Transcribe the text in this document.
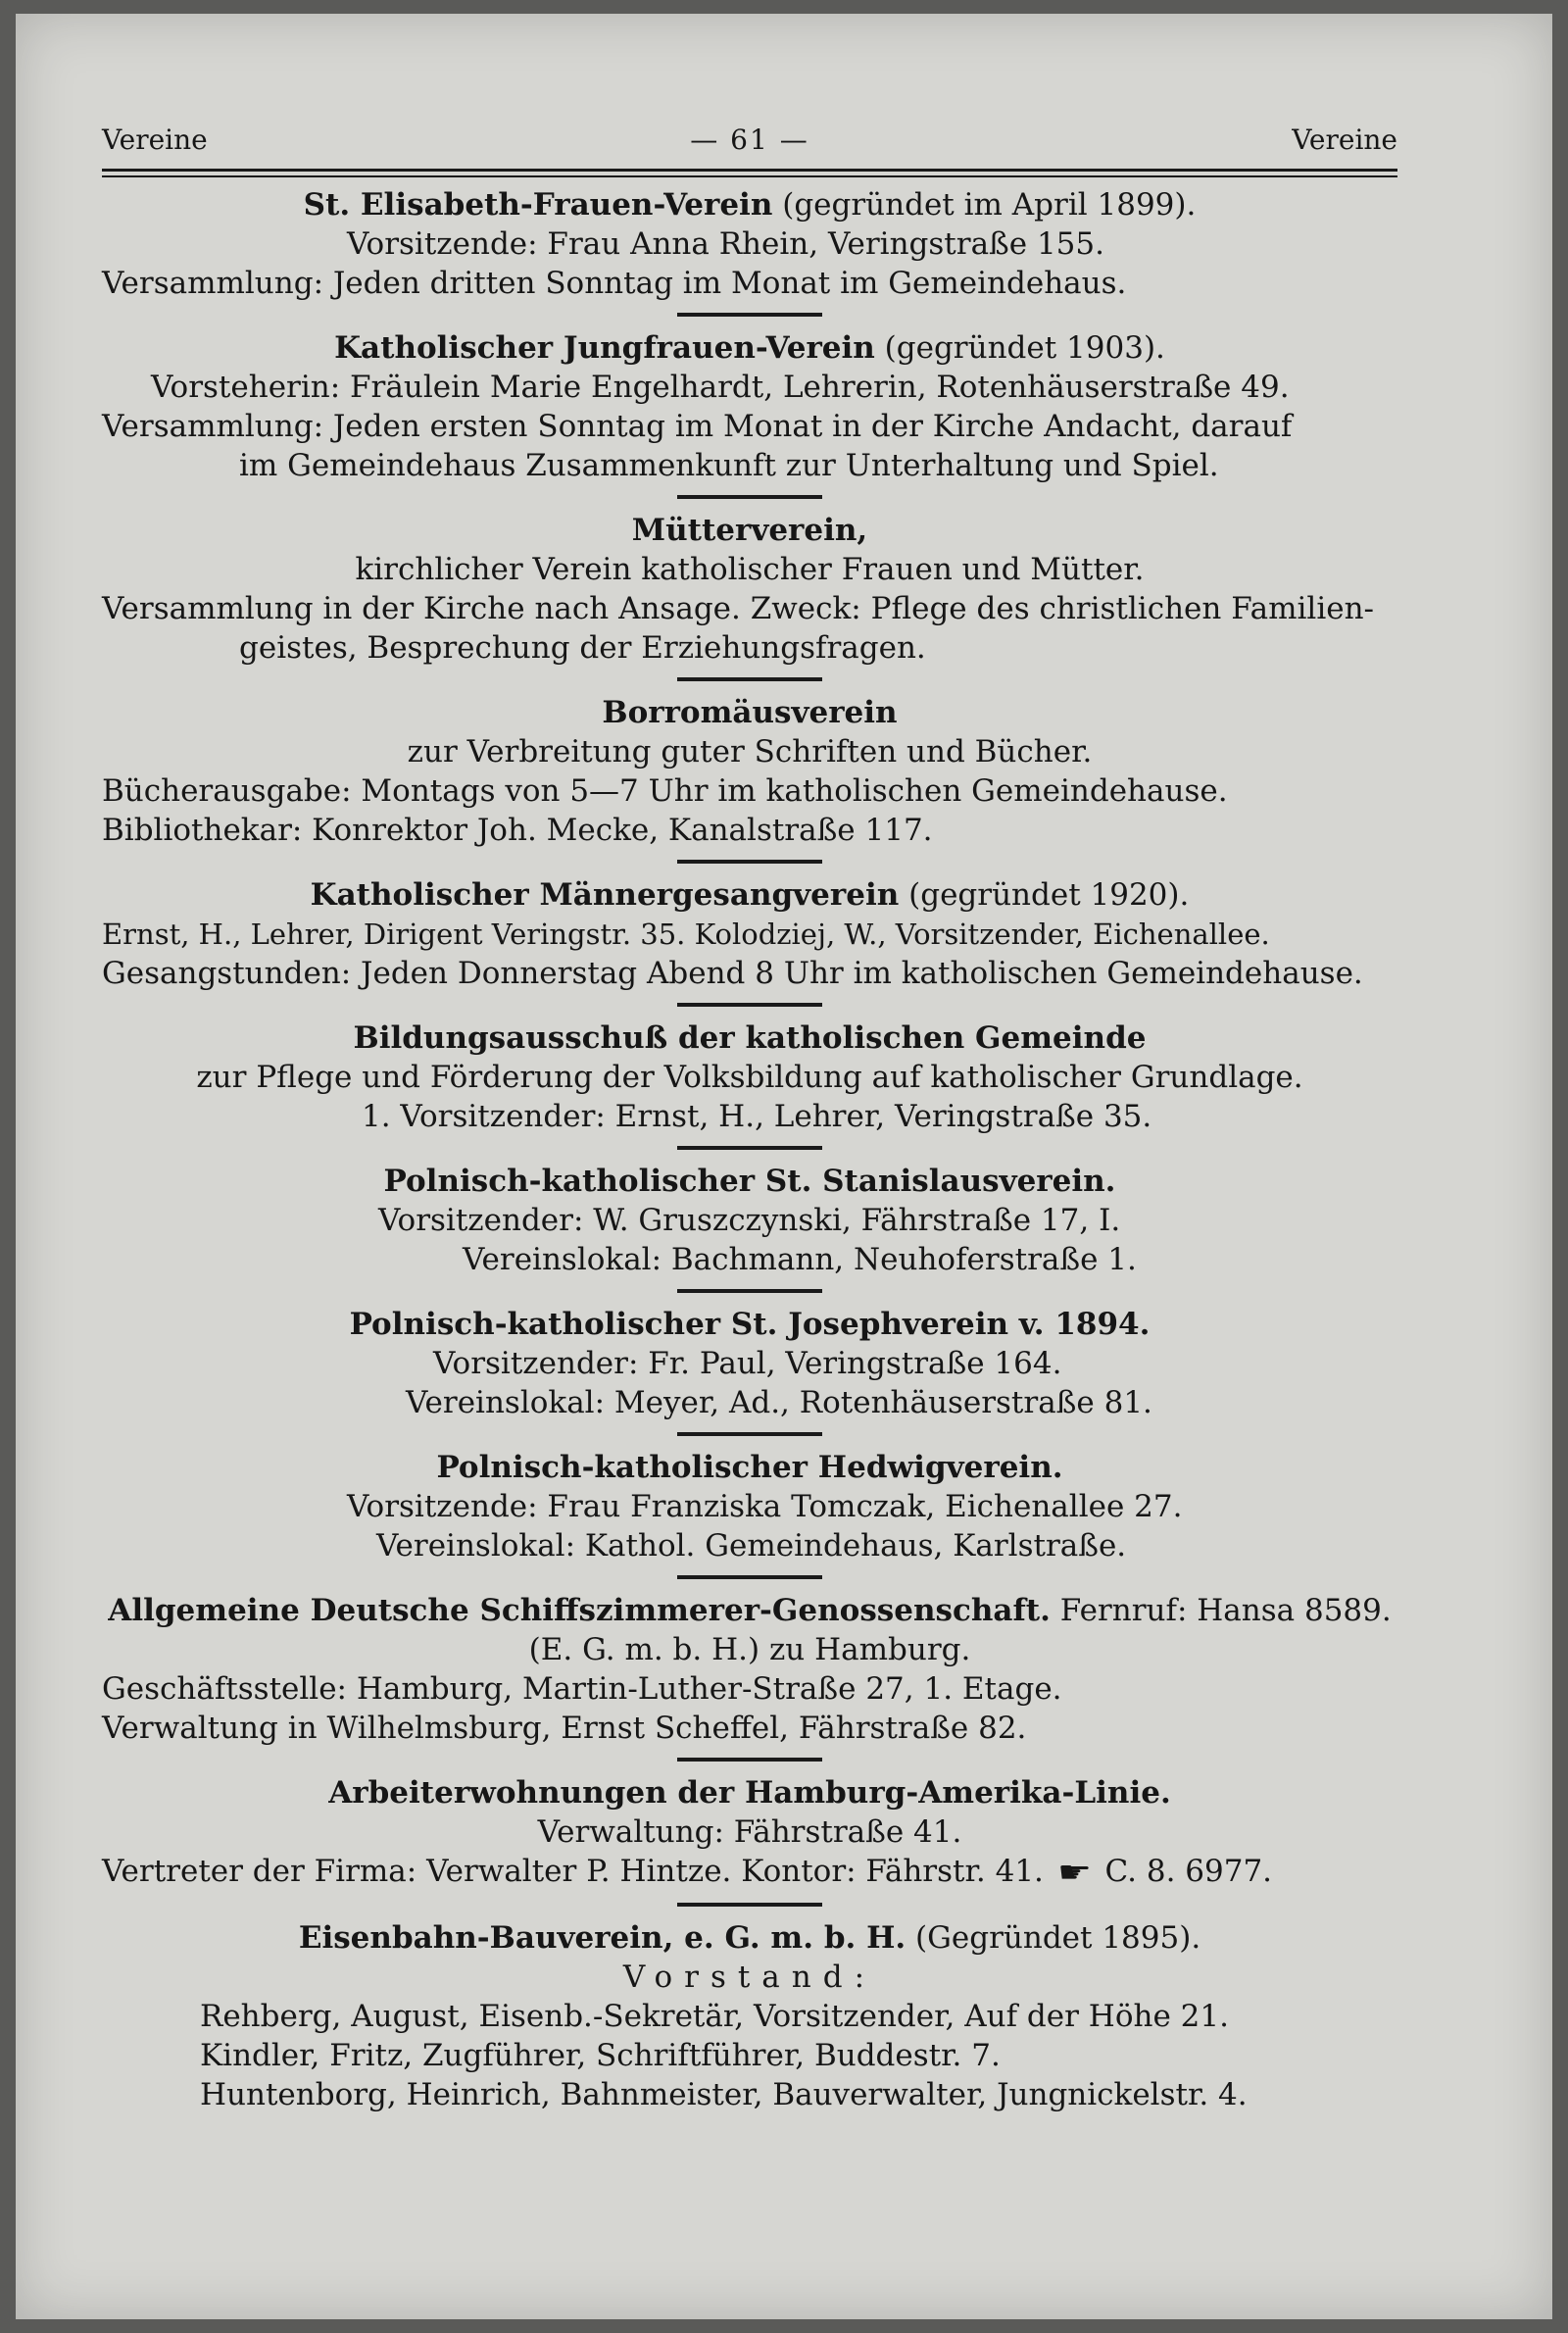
Vereine	— 61 —	Vereine
St. Elisabeth-Frauen-Verein (gegründet im April 1899).
Vorsitzende: Frau Anna Rhein, Veringstraße 155.
Versammlung: Jeden dritten Sonntag im Monat im Gemeindehaus.
Katholischer Jungfrauen-Verein (gegründet 1903).
Vorsteherin: Fräulein Marie Engelhardt, Lehrerin, Rotenhäuserstraße 49.
Versammlung: Jeden ersten Sonntag im Monat in der Kirche Andacht, darauf
im Gemeindehaus Zusammenkunft zur Unterhaltung und Spiel.
Mütterverein,
kirchlicher Verein katholischer Frauen und Mütter.
Versammlung in der Kirche nach Ansage. Zweck: Pflege des christlichen Familien-
geistes, Besprechung der Erziehungsfragen.
Borromäusverein
zur Verbreitung guter Schriften und Bücher.
Bücherausgabe: Montags von 5—7 Uhr im katholischen Gemeindehause.
Bibliothekar: Konrektor Joh. Mecke, Kanalstraße 117.
Katholischer Männergesangverein (gegründet 1920).
Ernst, H., Lehrer, Dirigent Veringstr. 35. Kolodziej, W., Vorsitzender, Eichenallee.
Gesangstunden: Jeden Donnerstag Abend 8 Uhr im katholischen Gemeindehause.
Bildungsausschuß der katholischen Gemeinde
zur Pflege und Förderung der Volksbildung auf katholischer Grundlage.
1. Vorsitzender: Ernst, H., Lehrer, Veringstraße 35.
Polnisch-katholischer St. Stanislausverein.
Vorsitzender: W. Gruszczynski, Fährstraße 17, I.
Vereinslokal: Bachmann, Neuhoferstraße 1.
Polnisch-katholischer St. Josephverein v. 1894.
Vorsitzender: Fr. Paul, Veringstraße 164.
Vereinslokal: Meyer, Ad., Rotenhäuserstraße 81.
Polnisch-katholischer Hedwigverein.
Vorsitzende: Frau Franziska Tomczak, Eichenallee 27.
Vereinslokal: Kathol. Gemeindehaus, Karlstraße.
Allgemeine Deutsche Schiffszimmerer-Genossenschaft. Fernruf: Hansa 8589.
(E. G. m. b. H.) zu Hamburg.
Geschäftsstelle: Hamburg, Martin-Luther-Straße 27, 1. Etage.
Verwaltung in Wilhelmsburg, Ernst Scheffel, Fährstraße 82.
Arbeiterwohnungen der Hamburg-Amerika-Linie.
Verwaltung: Fährstraße 41.
Vertreter der Firma: Verwalter P. Hintze. Kontor: Fährstr. 41. ☛ C. 8. 6977.
Eisenbahn-Bauverein, e. G. m. b. H. (Gegründet 1895).
Vorstand:
Rehberg, August, Eisenb.-Sekretär, Vorsitzender, Auf der Höhe 21.
Kindler, Fritz, Zugführer, Schriftführer, Buddestr. 7.
Huntenborg, Heinrich, Bahnmeister, Bauverwalter, Jungnickelstr. 4.
